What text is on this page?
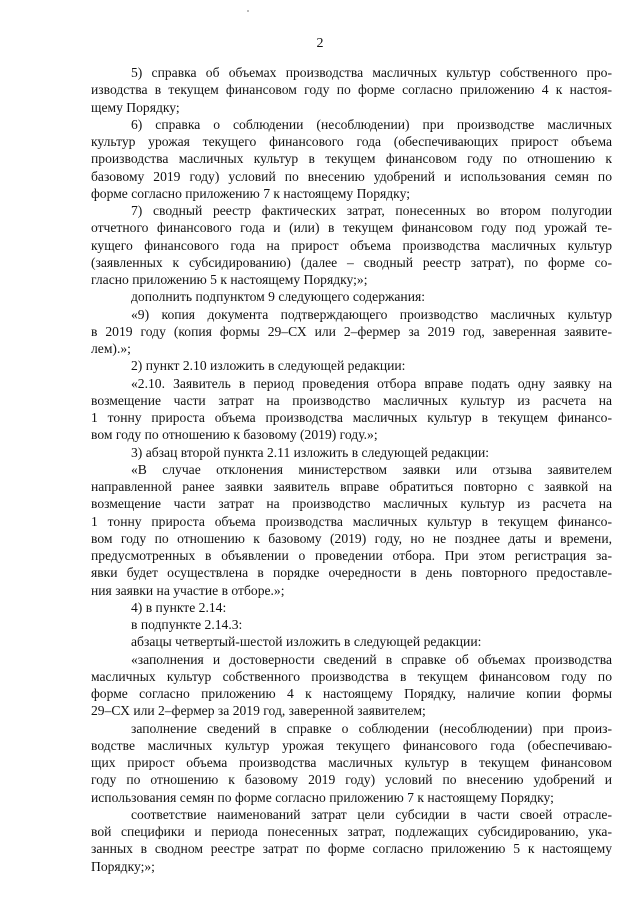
2
5) справка об объемах производства масличных культур собственного про-
изводства в текущем финансовом году по форме согласно приложению 4 к настоя-
щему Порядку;
6) справка о соблюдении (несоблюдении) при производстве масличных
культур урожая текущего финансового года (обеспечивающих прирост объема
производства масличных культур в текущем финансовом году по отношению к
базовому 2019 году) условий по внесению удобрений и использования семян по
форме согласно приложению 7 к настоящему Порядку;
7) сводный реестр фактических затрат, понесенных во втором полугодии
отчетного финансового года и (или) в текущем финансовом году под урожай те-
кущего финансового года на прирост объема производства масличных культур
(заявленных к субсидированию) (далее – сводный реестр затрат), по форме со-
гласно приложению 5 к настоящему Порядку;»;
дополнить подпунктом 9 следующего содержания:
«9) копия документа подтверждающего производство масличных культур
в 2019 году (копия формы 29–СХ или 2–фермер за 2019 год, заверенная заявите-
лем).»;
2) пункт 2.10 изложить в следующей редакции:
«2.10. Заявитель в период проведения отбора вправе подать одну заявку на
возмещение части затрат на производство масличных культур из расчета на
1 тонну прироста объема производства масличных культур в текущем финансо-
вом году по отношению к базовому (2019) году.»;
3) абзац второй пункта 2.11 изложить в следующей редакции:
«В случае отклонения министерством заявки или отзыва заявителем
направленной ранее заявки заявитель вправе обратиться повторно с заявкой на
возмещение части затрат на производство масличных культур из расчета на
1 тонну прироста объема производства масличных культур в текущем финансо-
вом году по отношению к базовому (2019) году, но не позднее даты и времени,
предусмотренных в объявлении о проведении отбора. При этом регистрация за-
явки будет осуществлена в порядке очередности в день повторного предоставле-
ния заявки на участие в отборе.»;
4) в пункте 2.14:
в подпункте 2.14.3:
абзацы четвертый-шестой изложить в следующей редакции:
«заполнения и достоверности сведений в справке об объемах производства
масличных культур собственного производства в текущем финансовом году по
форме согласно приложению 4 к настоящему Порядку, наличие копии формы
29–СХ или 2–фермер за 2019 год, заверенной заявителем;
заполнение сведений в справке о соблюдении (несоблюдении) при произ-
водстве масличных культур урожая текущего финансового года (обеспечиваю-
щих прирост объема производства масличных культур в текущем финансовом
году по отношению к базовому 2019 году) условий по внесению удобрений и
использования семян по форме согласно приложению 7 к настоящему Порядку;
соответствие наименований затрат цели субсидии в части своей отрасле-
вой специфики и периода понесенных затрат, подлежащих субсидированию, ука-
занных в сводном реестре затрат по форме согласно приложению 5 к настоящему
Порядку;»;
